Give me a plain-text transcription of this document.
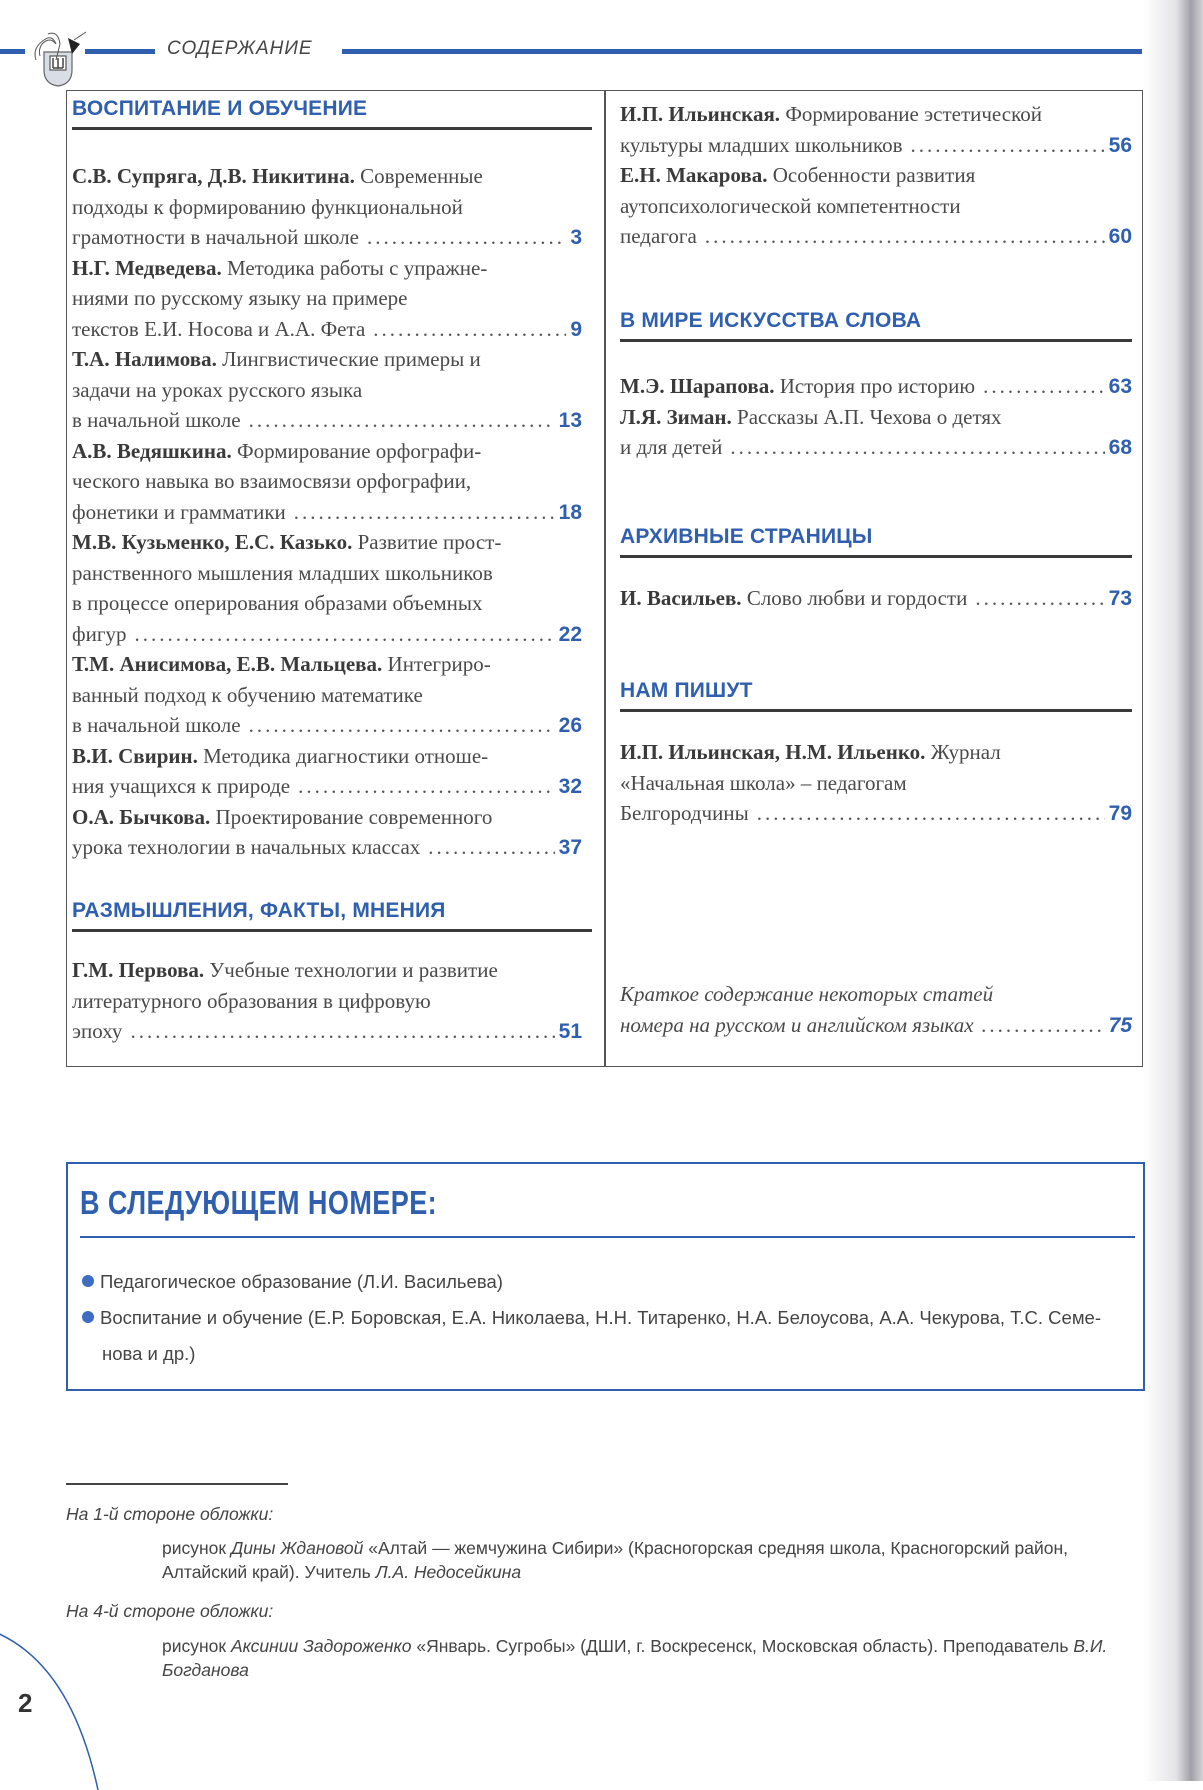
СОДЕРЖАНИЕ
ВОСПИТАНИЕ И ОБУЧЕНИЕ
С.В. Супряга, Д.В. Никитина. Современные
подходы к формированию функциональной
грамотности в начальной школе .....	3
Н.Г. Медведева. Методика работы с упражне-
ниями по русскому языку на примере
текстов Е.И. Носова и А.А. Фета .....	9
Т.А. Налимова. Лингвистические примеры и
задачи на уроках русского языка
в начальной школе .....	13
А.В. Ведяшкина. Формирование орфографи-
ческого навыка во взаимосвязи орфографии,
фонетики и грамматики .....	18
М.В. Кузьменко, Е.С. Казько. Развитие прост-
ранственного мышления младших школьников
в процессе оперирования образами объемных
фигур .....	22
Т.М. Анисимова, Е.В. Мальцева. Интегриро-
ванный подход к обучению математике
в начальной школе .....	26
В.И. Свирин. Методика диагностики отноше-
ния учащихся к природе .....	32
О.А. Бычкова. Проектирование современного
урока технологии в начальных классах .....	37
РАЗМЫШЛЕНИЯ, ФАКТЫ, МНЕНИЯ
Г.М. Первова. Учебные технологии и развитие
литературного образования в цифровую
эпоху .....	51
И.П. Ильинская. Формирование эстетической
культуры младших школьников .....	56
Е.Н. Макарова. Особенности развития
аутопсихологической компетентности
педагога .....	60
В МИРЕ ИСКУССТВА СЛОВА
М.Э. Шарапова. История про историю .....	63
Л.Я. Зиман. Рассказы А.П. Чехова о детях
и для детей .....	68
АРХИВНЫЕ СТРАНИЦЫ
И. Васильев. Слово любви и гордости .....	73
НАМ ПИШУТ
И.П. Ильинская, Н.М. Ильенко. Журнал
«Начальная школа» – педагогам
Белгородчины .....	79
Краткое содержание некоторых статей
номера на русском и английском языках .....	75
В СЛЕДУЮЩЕМ НОМЕРЕ:
Педагогическое образование (Л.И. Васильева)
Воспитание и обучение (Е.Р. Боровская, Е.А. Николаева, Н.Н. Титаренко, Н.А. Белоусова, А.А. Чекурова, Т.С. Семе-
нова и др.)
На 1-й стороне обложки:
рисунок Дины Ждановой «Алтай — жемчужина Сибири» (Красногорская средняя школа, Красногорский район, Алтайский край). Учитель Л.А. Недосейкина
На 4-й стороне обложки:
рисунок Аксинии Задороженко «Январь. Сугробы» (ДШИ, г. Воскресенск, Московская область). Преподаватель В.И. Богданова
2
